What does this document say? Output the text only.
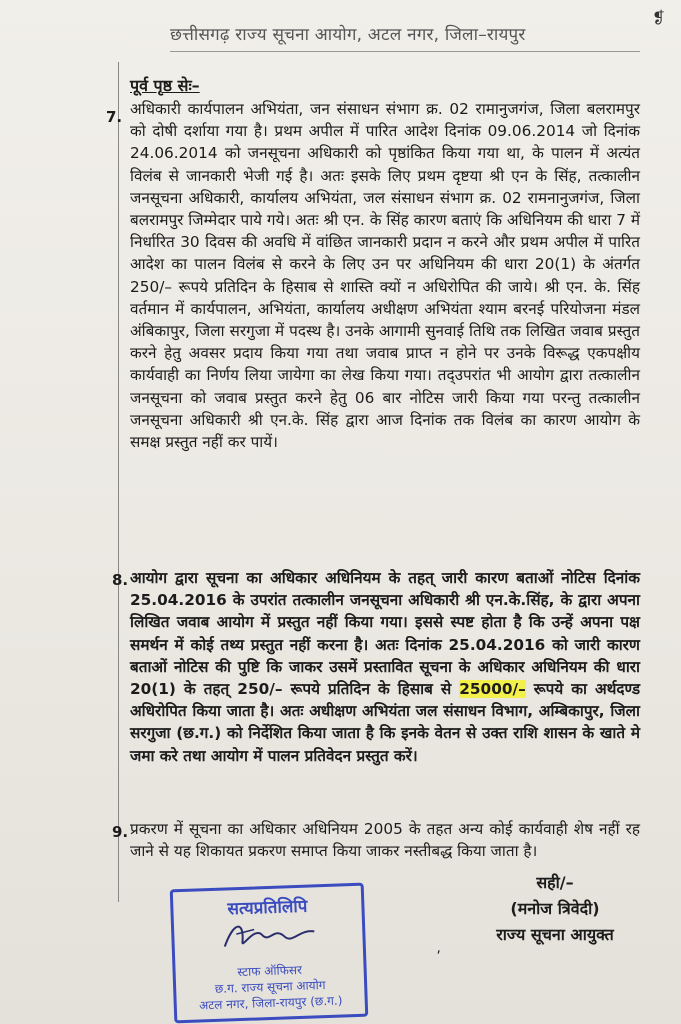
छत्तीसगढ़ राज्य सूचना आयोग, अटल नगर, जिला–रायपुर
❡
पूर्व पृष्ठ सेः–
7. अधिकारी कार्यपालन अभियंता, जन संसाधन संभाग क्र. 02 रामानुजगंज, जिला बलरामपुर को दोषी दर्शाया गया है। प्रथम अपील में पारित आदेश दिनांक 09.06.2014 जो दिनांक 24.06.2014 को जनसूचना अधिकारी को पृष्ठांकित किया गया था, के पालन में अत्यंत विलंब से जानकारी भेजी गई है। अतः इसके लिए प्रथम दृष्टया श्री एन के सिंह, तत्कालीन जनसूचना अधिकारी, कार्यालय अभियंता, जल संसाधन संभाग क्र. 02 रामनानुजगंज, जिला बलरामपुर जिम्मेदार पाये गये। अतः श्री एन. के सिंह कारण बताएं कि अधिनियम की धारा 7 में निर्धारित 30 दिवस की अवधि में वांछित जानकारी प्रदान न करने और प्रथम अपील में पारित आदेश का पालन विलंब से करने के लिए उन पर अधिनियम की धारा 20(1) के अंतर्गत 250/– रूपये प्रतिदिन के हिसाब से शास्ति क्यों न अधिरोपित की जाये। श्री एन. के. सिंह वर्तमान में कार्यपालन, अभियंता, कार्यालय अधीक्षण अभियंता श्याम बरनई परियोजना मंडल अंबिकापुर, जिला सरगुजा में पदस्थ है। उनके आगामी सुनवाई तिथि तक लिखित जवाब प्रस्तुत करने हेतु अवसर प्रदाय किया गया तथा जवाब प्राप्त न होने पर उनके विरूद्ध एकपक्षीय कार्यवाही का निर्णय लिया जायेगा का लेख किया गया। तद्उपरांत भी आयोग द्वारा तत्कालीन जनसूचना को जवाब प्रस्तुत करने हेतु 06 बार नोटिस जारी किया गया परन्तु तत्कालीन जनसूचना अधिकारी श्री एन.के. सिंह द्वारा आज दिनांक तक विलंब का कारण आयोग के समक्ष प्रस्तुत नहीं कर पायें।

8. आयोग द्वारा सूचना का अधिकार अधिनियम के तहत् जारी कारण बताओं नोटिस दिनांक 25.04.2016 के उपरांत तत्कालीन जनसूचना अधिकारी श्री एन.के.सिंह, के द्वारा अपना लिखित जवाब आयोग में प्रस्तुत नहीं किया गया। इससे स्पष्ट होता है कि उन्हें अपना पक्ष समर्थन में कोई तथ्य प्रस्तुत नहीं करना है। अतः दिनांक 25.04.2016 को जारी कारण बताओं नोटिस की पुष्टि कि जाकर उसमें प्रस्तावित सूचना के अधिकार अधिनियम की धारा 20(1) के तहत् 250/– रूपये प्रतिदिन के हिसाब से 25000/– रूपये का अर्थदण्ड अधिरोपित किया जाता है। अतः अधीक्षण अभियंता जल संसाधन विभाग, अम्बिकापुर, जिला सरगुजा (छ.ग.) को निर्देशित किया जाता है कि इनके वेतन से उक्त राशि शासन के खाते मे जमा करे तथा आयोग में पालन प्रतिवेदन प्रस्तुत करें।

9. प्रकरण में सूचना का अधिकार अधिनियम 2005 के तहत अन्य कोई कार्यवाही शेष नहीं रह जाने से यह शिकायत प्रकरण समाप्त किया जाकर नस्तीबद्ध किया जाता है।

सही/–
(मनोज त्रिवेदी)
राज्य सूचना आयुक्त
⸴
सत्यप्रतिलिपि
स्टाफ ऑफिसर
छ.ग. राज्य सूचना आयोग
अटल नगर, जिला-रायपुर (छ.ग.)
